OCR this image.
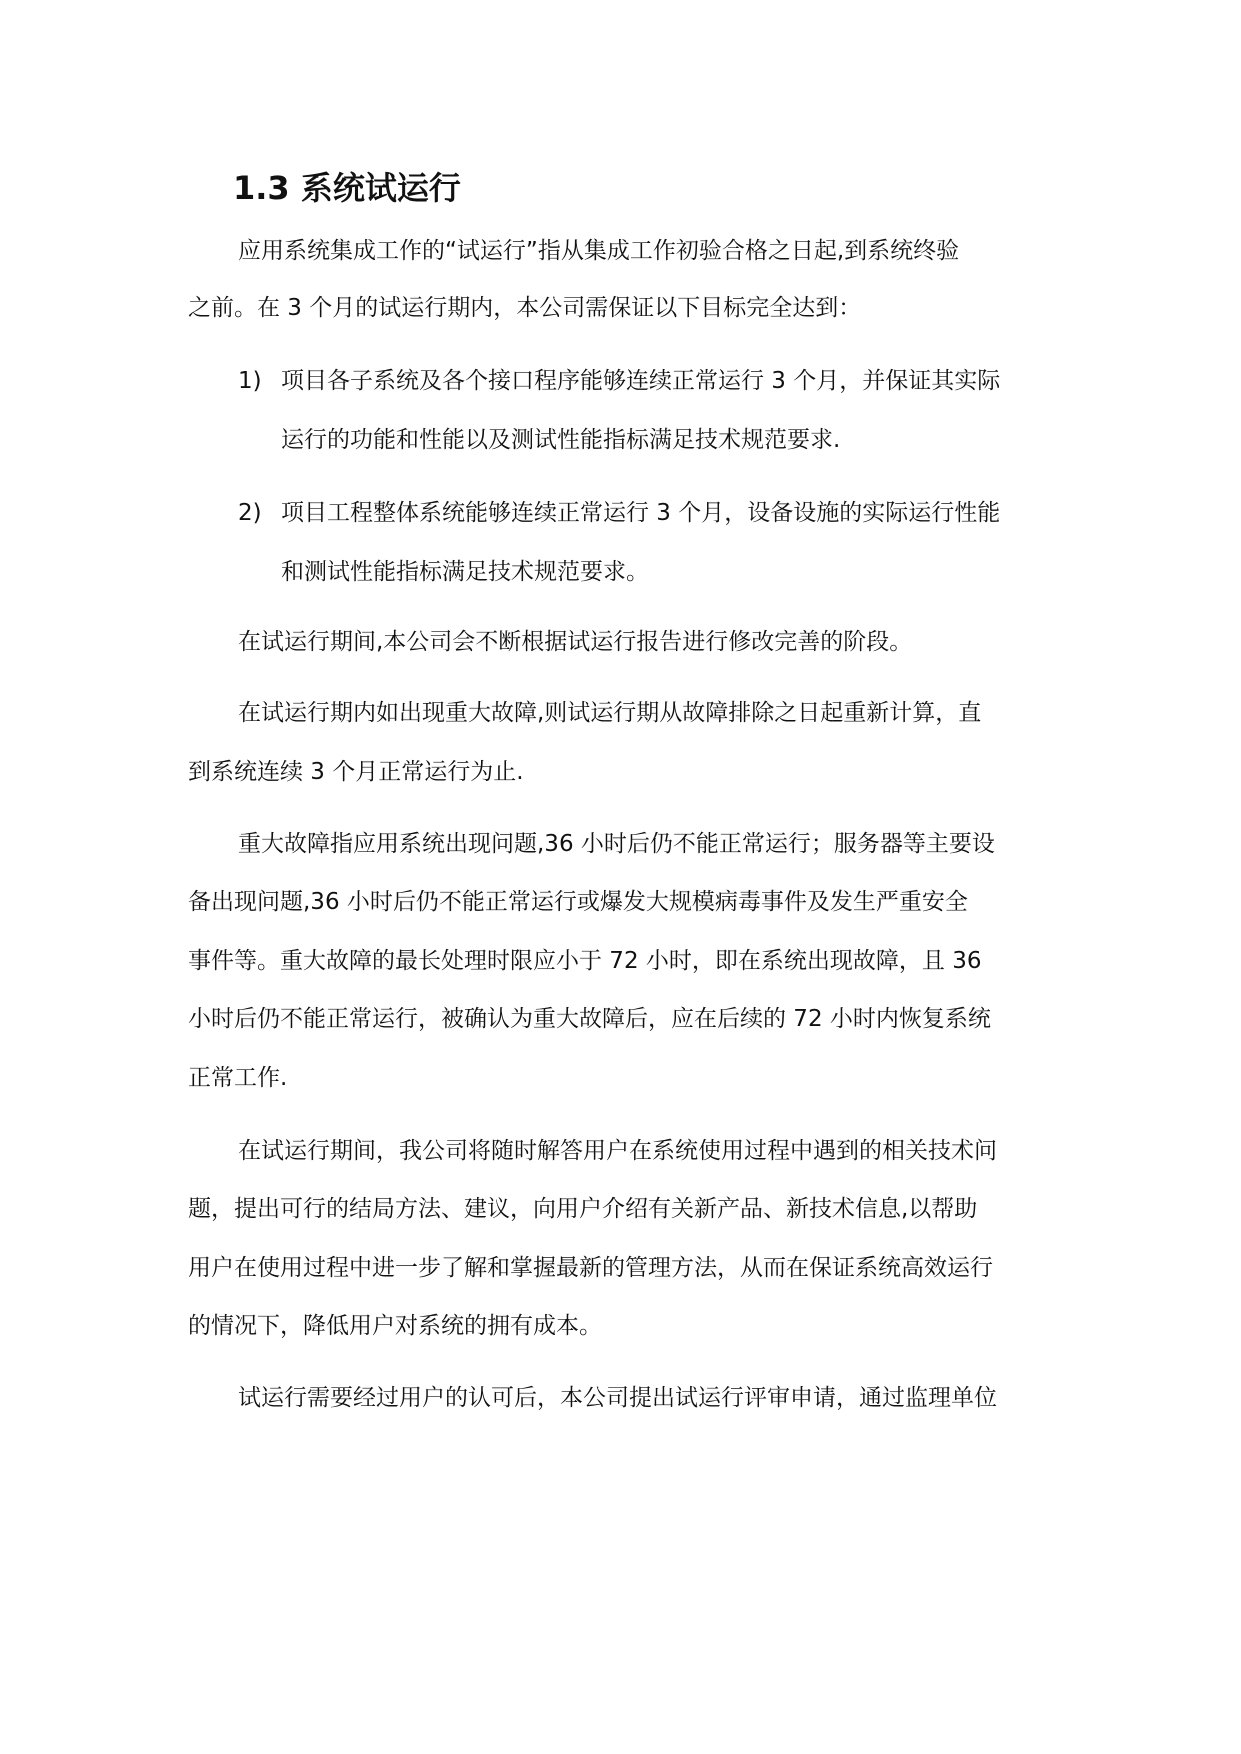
1.3 系统试运行

应用系统集成工作的“试运行”指从集成工作初验合格之日起,到系统终验

之前。在 3 个月的试运行期内，本公司需保证以下目标完全达到：

1) 项目各子系统及各个接口程序能够连续正常运行 3 个月，并保证其实际

运行的功能和性能以及测试性能指标满足技术规范要求.

2) 项目工程整体系统能够连续正常运行 3 个月，设备设施的实际运行性能

和测试性能指标满足技术规范要求。

在试运行期间,本公司会不断根据试运行报告进行修改完善的阶段。

在试运行期内如出现重大故障,则试运行期从故障排除之日起重新计算，直

到系统连续 3 个月正常运行为止.

重大故障指应用系统出现问题,36 小时后仍不能正常运行；服务器等主要设

备出现问题,36 小时后仍不能正常运行或爆发大规模病毒事件及发生严重安全

事件等。重大故障的最长处理时限应小于 72 小时，即在系统出现故障，且 36

小时后仍不能正常运行，被确认为重大故障后，应在后续的 72 小时内恢复系统

正常工作.

在试运行期间，我公司将随时解答用户在系统使用过程中遇到的相关技术问

题，提出可行的结局方法、建议，向用户介绍有关新产品、新技术信息,以帮助

用户在使用过程中进一步了解和掌握最新的管理方法，从而在保证系统高效运行

的情况下，降低用户对系统的拥有成本。

试运行需要经过用户的认可后，本公司提出试运行评审申请，通过监理单位
